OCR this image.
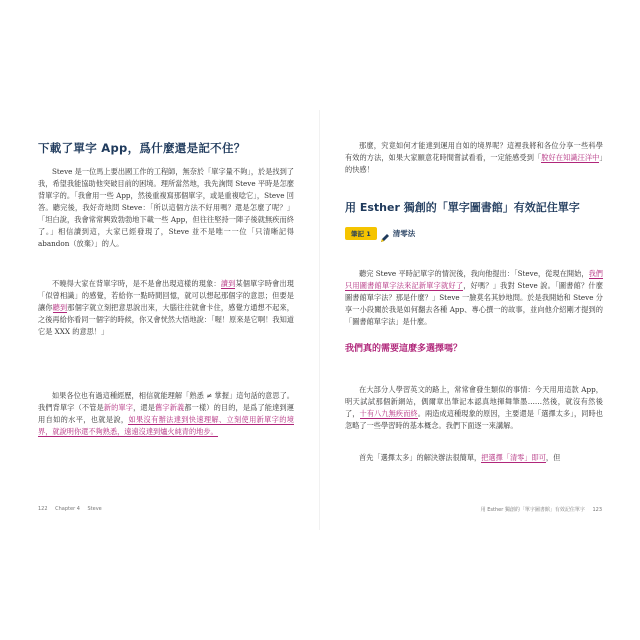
下載了單字 App，爲什麼還是記不住？

Steve 是一位馬上要出國工作的工程師，無奈於「單字量不夠」，於是找到了我，希望我能協助他突破目前的困境。理所當然地，我先詢問 Steve 平時是怎麼背單字的。「我會用一些 App，然後重複寫那個單字，或是重複唸它」，Steve 回答。聽完後，我好奇地問 Steve：「所以這個方法不好用嗎？還是怎麼了呢？」「坦白說，我會常常興致勃勃地下載一些 App，但往往堅持一陣子後就無疾而終了。」相信讀到這，大家已經發現了，Steve 並不是唯一一位「只清晰記得 abandon（放棄）」的人。

不曉得大家在背單字時，是不是會出現這樣的現象：讀到某個單字時會出現「似曾相識」的感覺，若給你一點時間回憶，就可以想起那個字的意思；但要是讓你聽到那個字就立刻把意思說出來，大腦往往就會卡住，感覺方通想不起來，之後再給你看同一個字的時候，你又會恍然大悟地說：「喔！原來是它啊！我知道它是 XXX 的意思！」

如果各位也有過這種經歷，相信就能理解「熟悉 ≠ 掌握」這句話的意思了。我們背單字（不管是新的單字，還是舊字新義都一樣）的目的，是爲了能達到運用自如的水平，也就是說，如果沒有辦法達到快速理解、立刻使用新單字的境界，就說明你還不夠熟悉，遠遠沒達到爐火純青的地步。

122 Chapter 4 Steve

那麼，究竟如何才能達到運用自如的境界呢？這裡我將和各位分享一些科學有效的方法，如果大家願意花時間嘗試看看，一定能感受到「脫好在知識汪洋中」的快感！

用 Esther 獨創的「單字圖書館」有效記住單字
筆記 1	清零法

聽完 Steve 平時記單字的情況後，我向他提出：「Steve，從現在開始，我們只用圖書館單字法來記新單字就好了，好嗎？」我對 Steve 說。「圖書館？什麼圖書館單字法？那是什麼？」Steve 一臉莫名其妙地問。於是我開始和 Steve 分享一小段關於我是如何翻去各種 App、專心撰一的故事，並向他介紹剛才提到的「圖書館單字法」是什麼。

我們真的需要這麼多選擇嗎？

在大部分人學習英文的路上，常常會發生類似的事情：今天用用這款 App，明天試試那個新網站，偶爾章出筆記本認真地揮舞筆墨……然後，就沒有然後了，十有八九無疾而終。兩造成這種現象的原因，主要還是「選擇太多」，同時也忽略了一些學習時的基本概念。我們下面逐一來講解。

首先「選擇太多」的解決辦法很簡單，把選擇「清零」即可，但

用 Esther 獨創的「單字圖書館」有效記住單字 123
